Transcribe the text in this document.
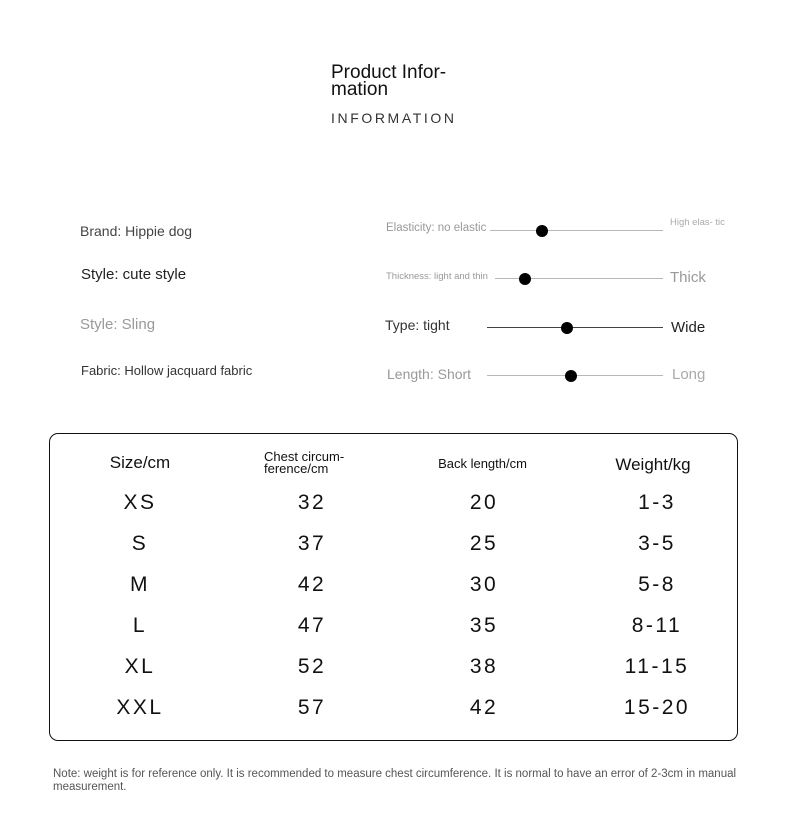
Product Infor- mation
INFORMATION
Brand: Hippie dog
Style: cute style
Style: Sling
Fabric: Hollow jacquard fabric
Elasticity: no elastic	High elas- tic
Thickness: light and thin	Thick
Type: tight	Wide
Length: Short	Long
Size/cm	Chest circum- ference/cm	Back length/cm	Weight/kg
XS	32	20	1-3
S	37	25	3-5
M	42	30	5-8
L	47	35	8-11
XL	52	38	11-15
XXL	57	42	15-20
Note: weight is for reference only. It is recommended to measure chest circumference. It is normal to have an error of 2-3cm in manual measurement.
